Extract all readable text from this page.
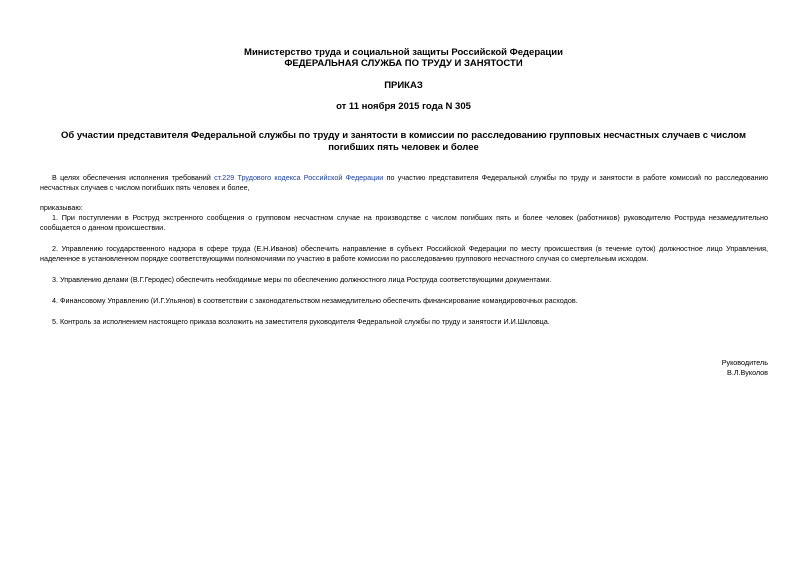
Министерство труда и социальной защиты Российской Федерации
ФЕДЕРАЛЬНАЯ СЛУЖБА ПО ТРУДУ И ЗАНЯТОСТИ
ПРИКАЗ
от 11 ноября 2015 года N 305
Об участии представителя Федеральной службы по труду и занятости в комиссии по расследованию групповых несчастных случаев с числом погибших пять человек и более

В целях обеспечения исполнения требований ст.229 Трудового кодекса Российской Федерации по участию представителя Федеральной службы по труду и занятости в работе комиссий по расследованию несчастных случаев с числом погибших пять человек и более,

приказываю:

1. При поступлении в Роструд экстренного сообщения о групповом несчастном случае на производстве с числом погибших пять и более человек (работников) руководителю Роструда незамедлительно сообщается о данном происшествии.

2. Управлению государственного надзора в сфере труда (Е.Н.Иванов) обеспечить направление в субъект Российской Федерации по месту происшествия (в течение суток) должностное лицо Управления, наделенное в установленном порядке соответствующими полномочиями по участию в работе комиссии по расследованию группового несчастного случая со смертельным исходом.

3. Управлению делами (В.Г.Геродес) обеспечить необходимые меры по обеспечению должностного лица Роструда соответствующими документами.

4. Финансовому Управлению (И.Г.Ульянов) в соответствии с законодательством незамедлительно обеспечить финансирование командировочных расходов.

5. Контроль за исполнением настоящего приказа возложить на заместителя руководителя Федеральной службы по труду и занятости И.И.Шкловца.

Руководитель
В.Л.Вуколов
